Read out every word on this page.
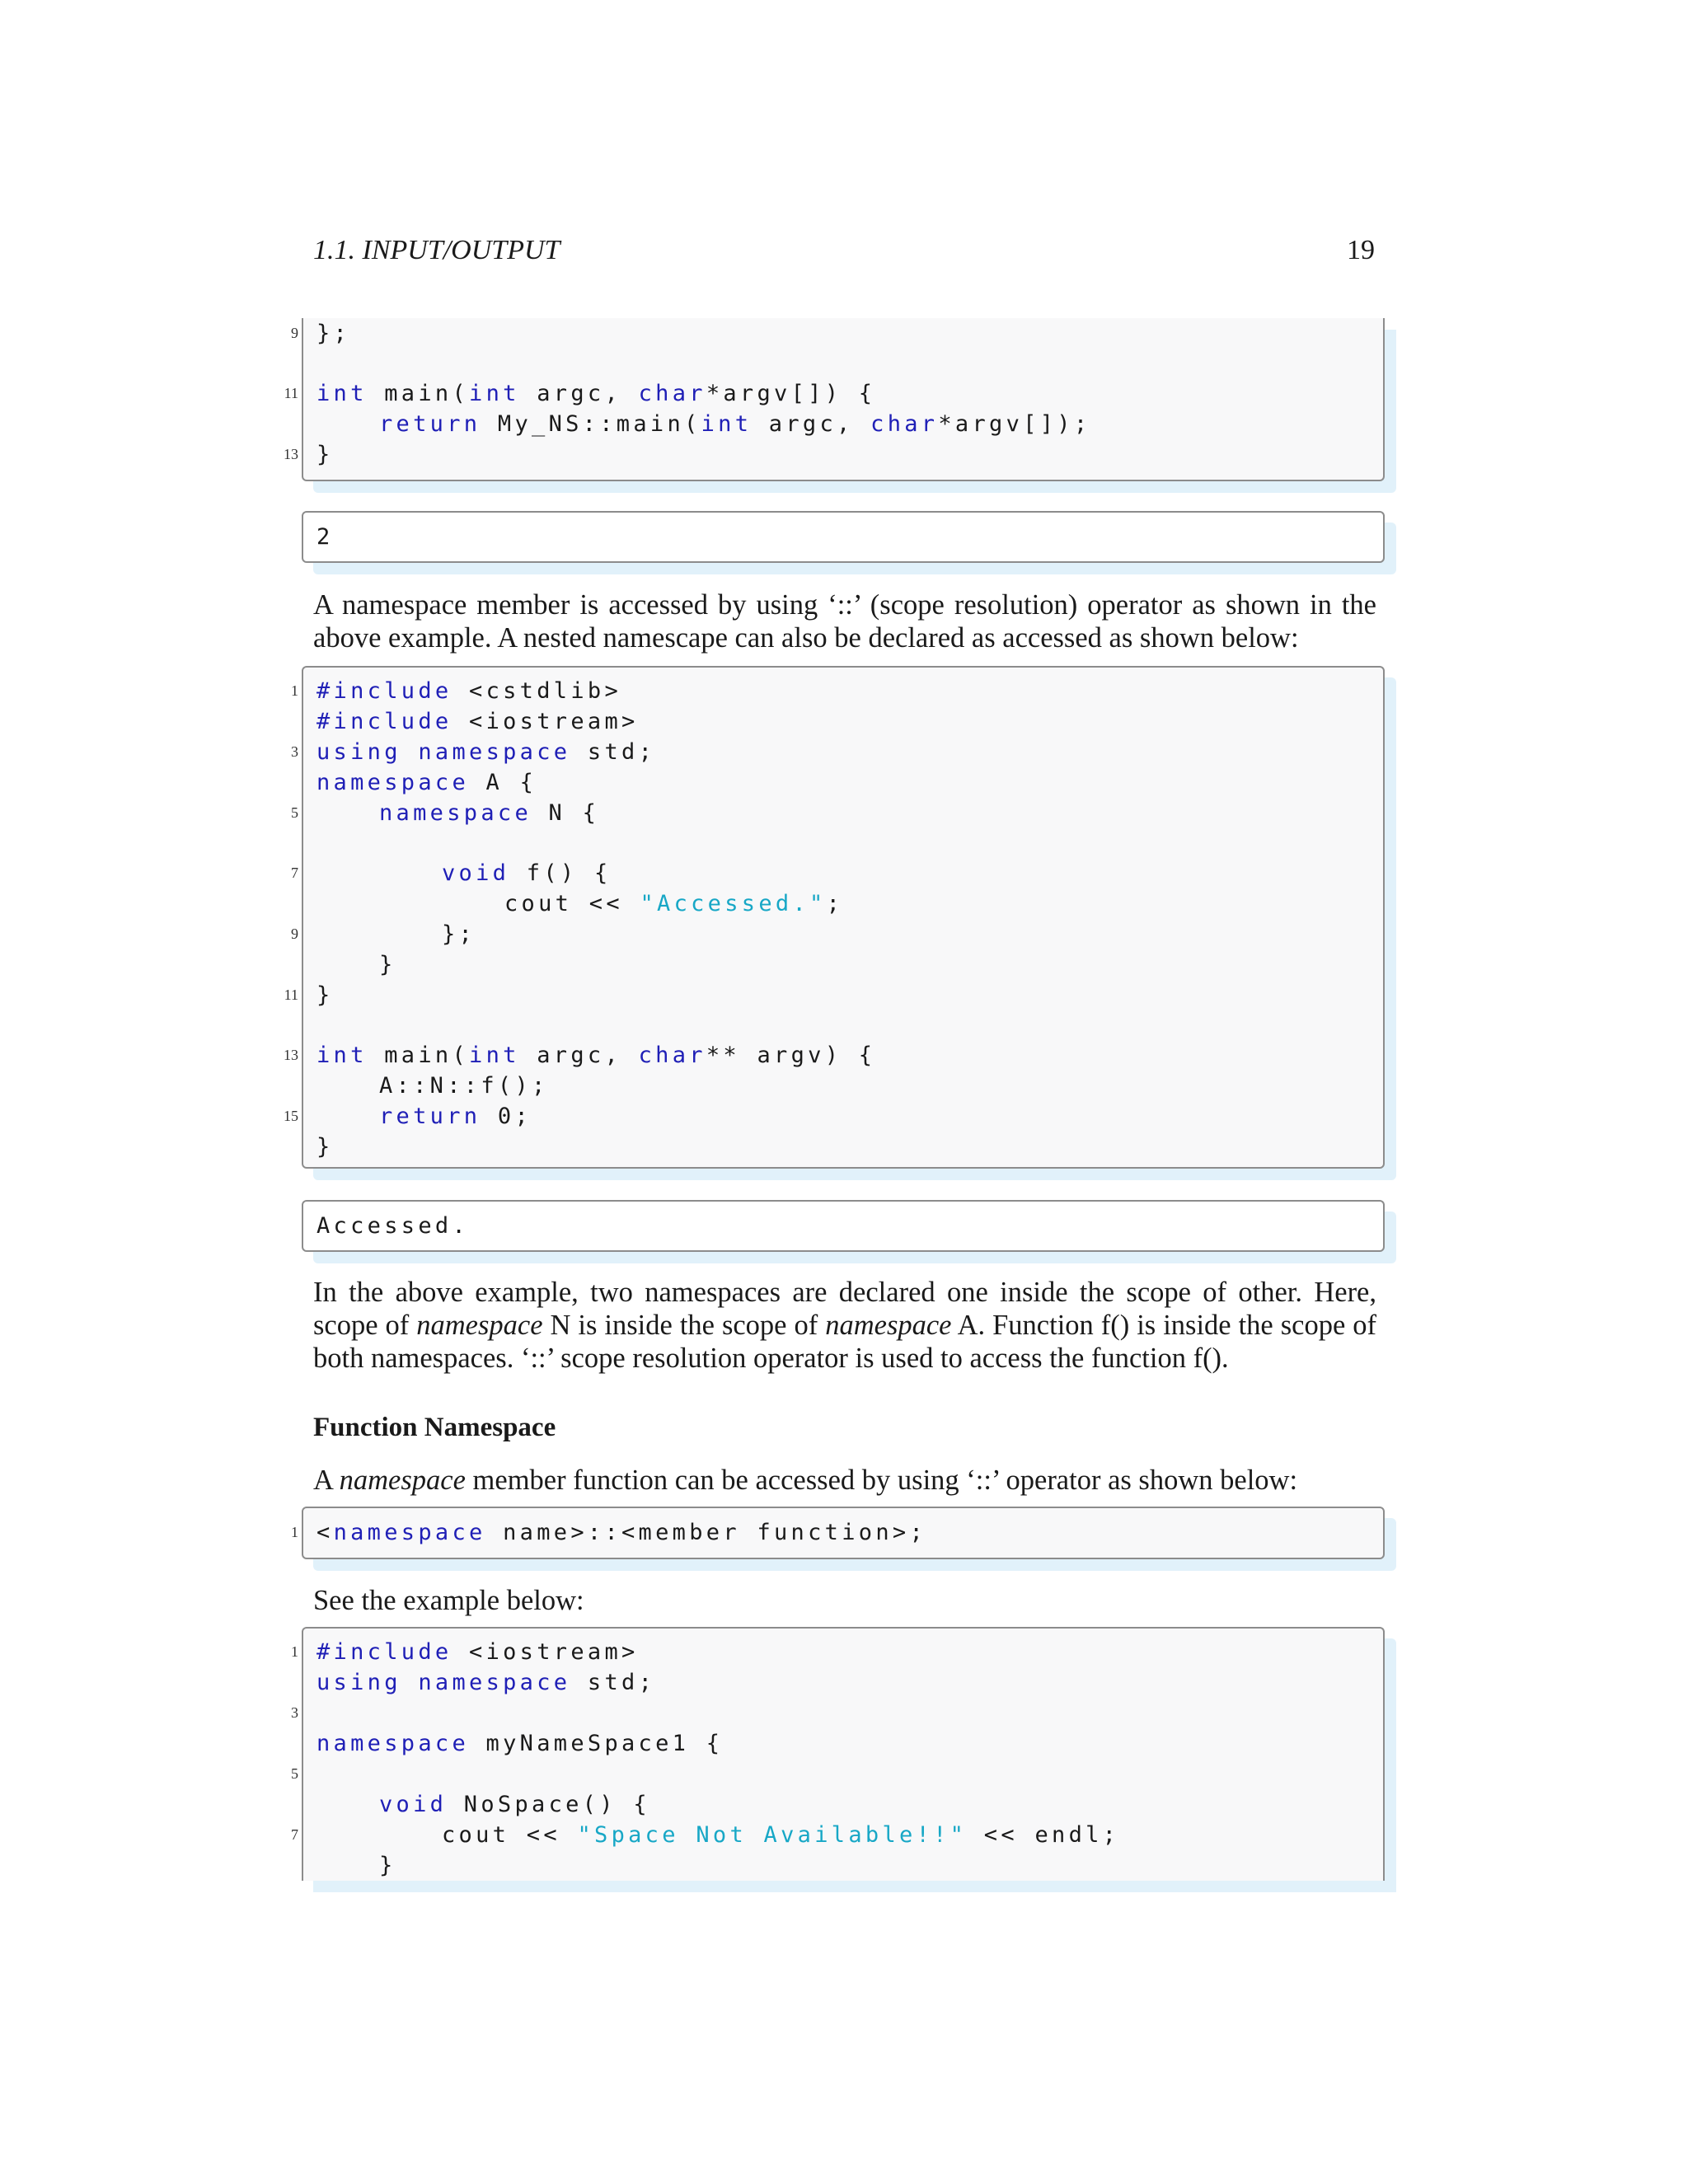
1.1. INPUT/OUTPUT	19
9 };
11 int main(int argc, char*argv[]) {
return My_NS::main(int argc, char*argv[]);
13 }
2
A namespace member is accessed by using ‘::’ (scope resolution) operator as shown in the above example. A nested namescape can also be declared as accessed as shown below:
1 #include <cstdlib>
#include <iostream>
3 using namespace std;
namespace A {
5	namespace N {
7	void f() {
cout << "Accessed.";
9	};
}
11 }
13 int main(int argc, char** argv) {
A::N::f();
15	return 0;
}
Accessed.
In the above example, two namespaces are declared one inside the scope of other. Here, scope of namespace N is inside the scope of namespace A. Function f() is inside the scope of both namespaces. ‘::’ scope resolution operator is used to access the function f().
Function Namespace
A namespace member function can be accessed by using ‘::’ operator as shown below:
1 <namespace name>::<member function>;
See the example below:
1 #include <iostream>
using namespace std;
3
namespace myNameSpace1 {
5
void NoSpace() {
7	cout << "Space Not Available!!" << endl;
}
